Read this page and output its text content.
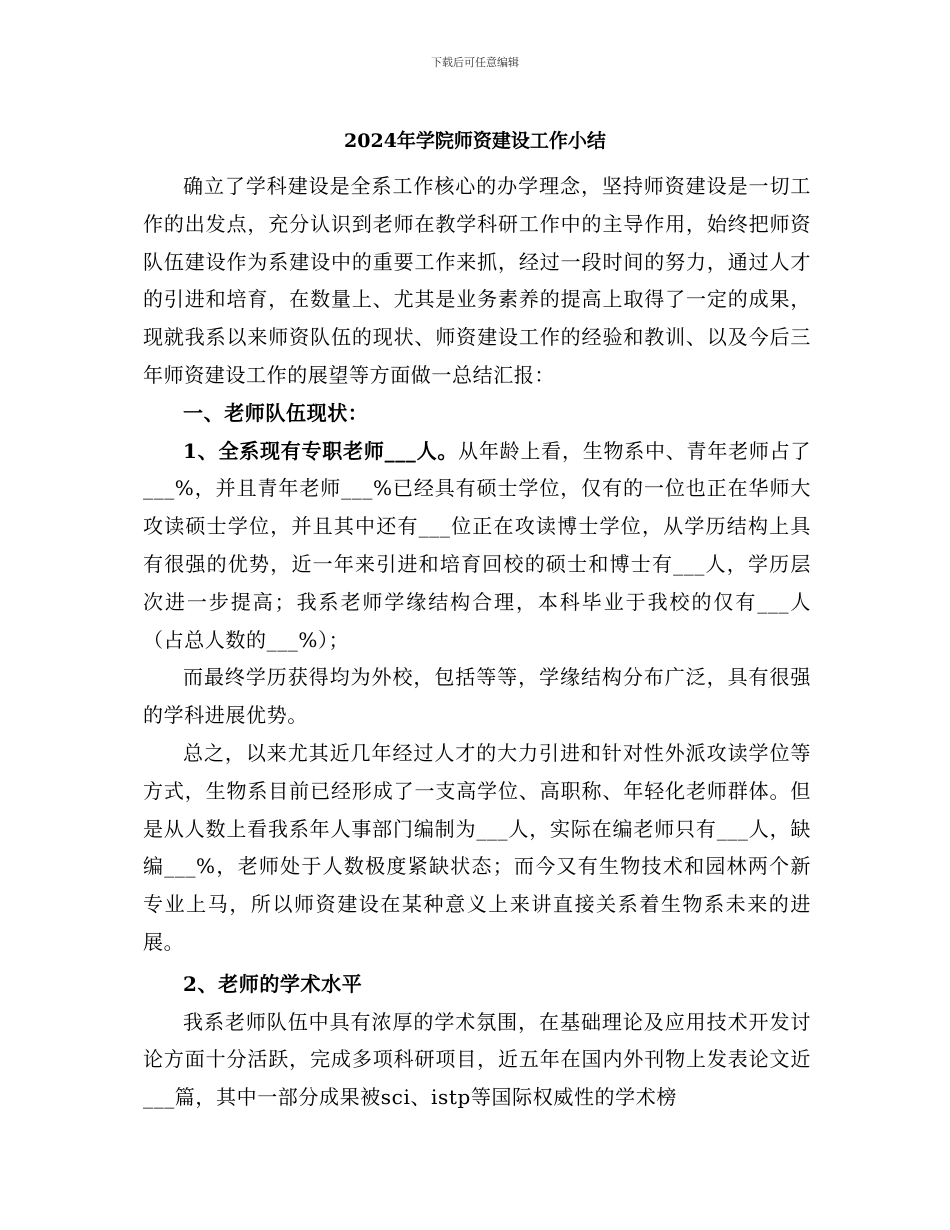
下载后可任意编辑
2024年学院师资建设工作小结

确立了学科建设是全系工作核心的办学理念，坚持师资建设是一切工作的出发点，充分认识到老师在教学科研工作中的主导作用，始终把师资队伍建设作为系建设中的重要工作来抓，经过一段时间的努力，通过人才的引进和培育，在数量上、尤其是业务素养的提高上取得了一定的成果，现就我系以来师资队伍的现状、师资建设工作的经验和教训、以及今后三年师资建设工作的展望等方面做一总结汇报：

一、老师队伍现状：

1、全系现有专职老师___人。从年龄上看，生物系中、青年老师占了___%，并且青年老师___%已经具有硕士学位，仅有的一位也正在华师大攻读硕士学位，并且其中还有___位正在攻读博士学位，从学历结构上具有很强的优势，近一年来引进和培育回校的硕士和博士有___人，学历层次进一步提高；我系老师学缘结构合理，本科毕业于我校的仅有___人（占总人数的___%）；

而最终学历获得均为外校，包括等等，学缘结构分布广泛，具有很强的学科进展优势。

总之，以来尤其近几年经过人才的大力引进和针对性外派攻读学位等方式，生物系目前已经形成了一支高学位、高职称、年轻化老师群体。但是从人数上看我系年人事部门编制为___人，实际在编老师只有___人，缺编___%，老师处于人数极度紧缺状态；而今又有生物技术和园林两个新专业上马，所以师资建设在某种意义上来讲直接关系着生物系未来的进展。

2、老师的学术水平

我系老师队伍中具有浓厚的学术氛围，在基础理论及应用技术开发讨论方面十分活跃，完成多项科研项目，近五年在国内外刊物上发表论文近___篇，其中一部分成果被sci、istp等国际权威性的学术榜
